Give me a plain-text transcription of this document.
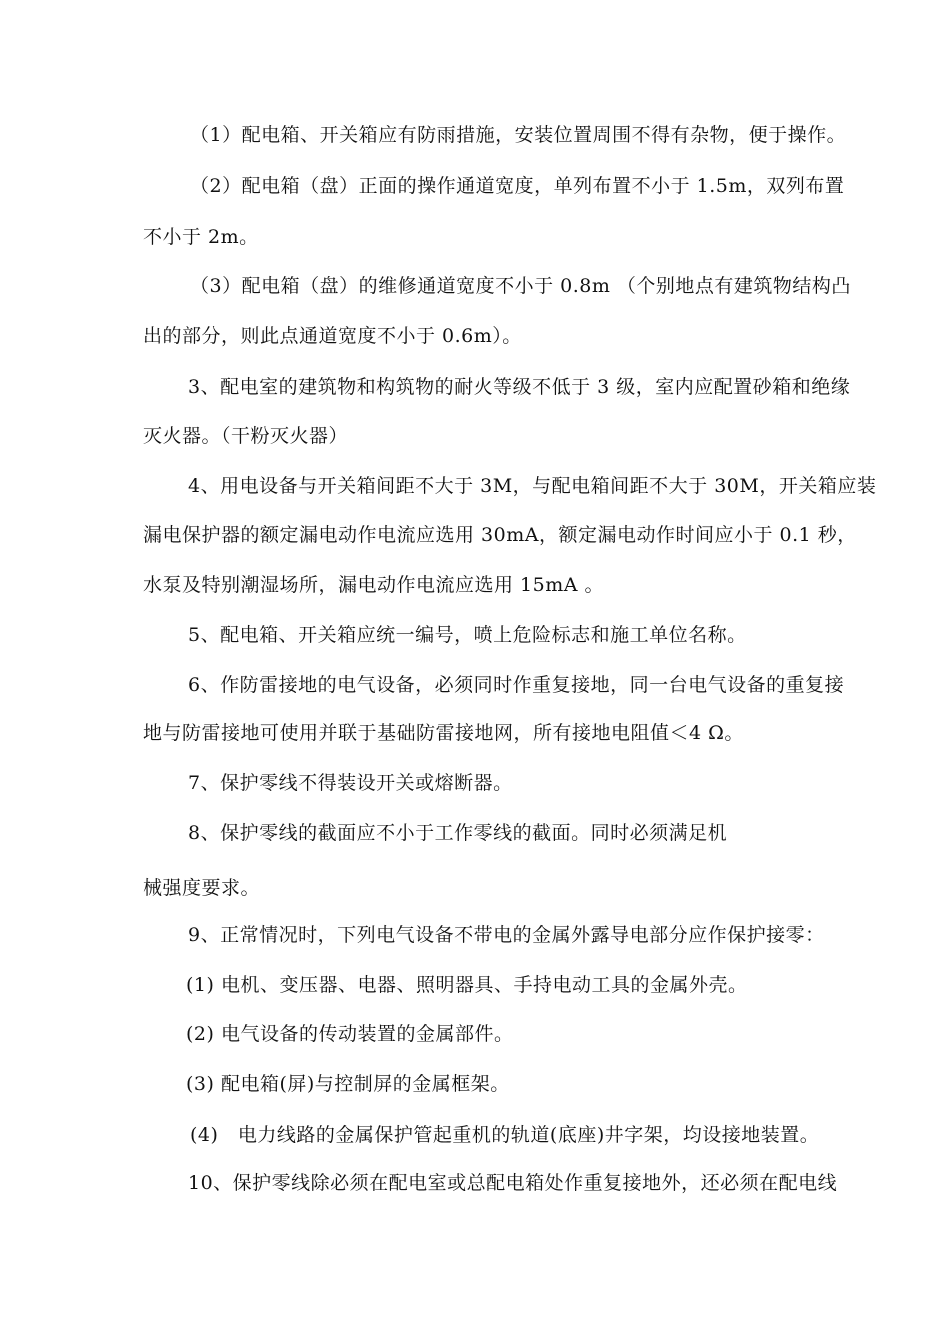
（1）配电箱、开关箱应有防雨措施，安装位置周围不得有杂物，便于操作。
（2）配电箱（盘）正面的操作通道宽度，单列布置不小于 1.5m，双列布置
不小于 2m。
（3）配电箱（盘）的维修通道宽度不小于 0.8m （个别地点有建筑物结构凸
出的部分，则此点通道宽度不小于 0.6m）。
3、配电室的建筑物和构筑物的耐火等级不低于 3 级，室内应配置砂箱和绝缘
灭火器。（干粉灭火器）
4、用电设备与开关箱间距不大于 3M，与配电箱间距不大于 30M，开关箱应装
漏电保护器的额定漏电动作电流应选用 30mA，额定漏电动作时间应小于 0.1 秒，
水泵及特别潮湿场所，漏电动作电流应选用 15mA 。
5、配电箱、开关箱应统一编号，喷上危险标志和施工单位名称。
6、作防雷接地的电气设备，必须同时作重复接地，同一台电气设备的重复接
地与防雷接地可使用并联于基础防雷接地网，所有接地电阻值＜4 Ω。
7、保护零线不得装设开关或熔断器。
8、保护零线的截面应不小于工作零线的截面。同时必须满足机
械强度要求。
9、正常情况时，下列电气设备不带电的金属外露导电部分应作保护接零：
(1) 电机、变压器、电器、照明器具、手持电动工具的金属外壳。
(2) 电气设备的传动装置的金属部件。
(3) 配电箱(屏)与控制屏的金属框架。
(4)　电力线路的金属保护管起重机的轨道(底座)井字架，均设接地装置。
10、保护零线除必须在配电室或总配电箱处作重复接地外，还必须在配电线
